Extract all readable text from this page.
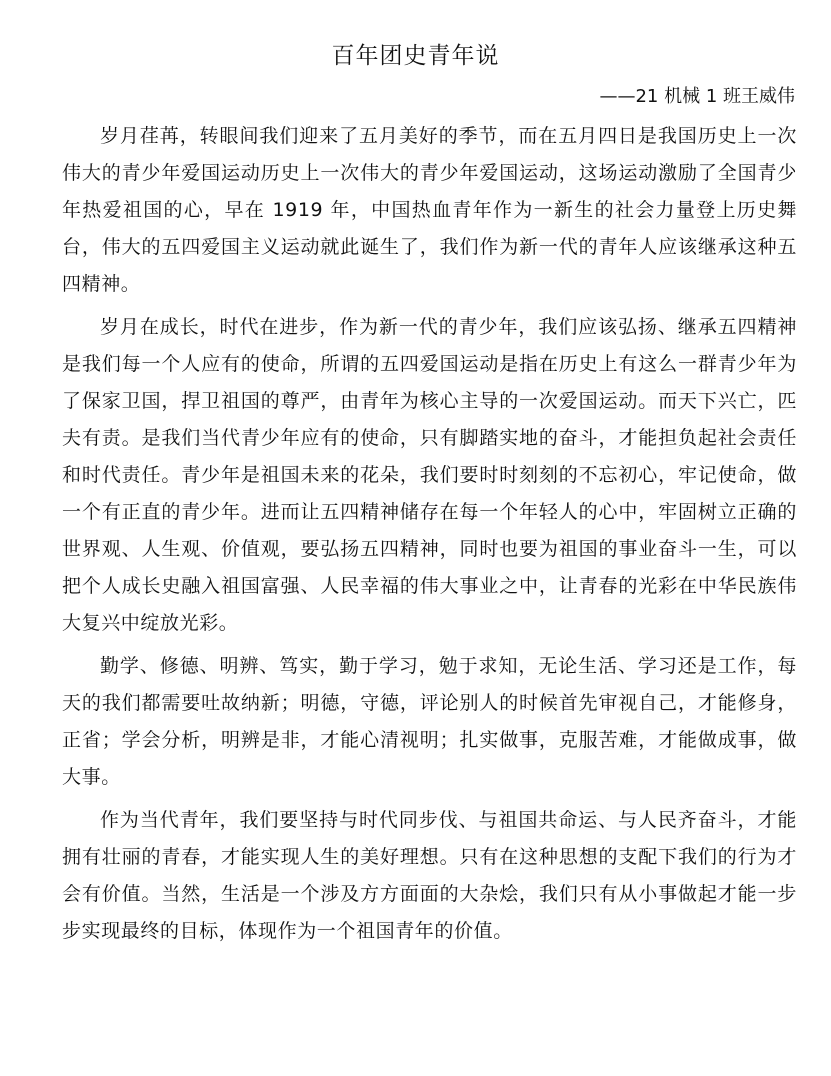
百年团史青年说
——21 机械 1 班王威伟

岁月荏苒，转眼间我们迎来了五月美好的季节，而在五月四日是我国历史上一次伟大的青少年爱国运动历史上一次伟大的青少年爱国运动，这场运动激励了全国青少年热爱祖国的心，早在 1919 年，中国热血青年作为一新生的社会力量登上历史舞台，伟大的五四爱国主义运动就此诞生了，我们作为新一代的青年人应该继承这种五四精神。

岁月在成长，时代在进步，作为新一代的青少年，我们应该弘扬、继承五四精神是我们每一个人应有的使命，所谓的五四爱国运动是指在历史上有这么一群青少年为了保家卫国，捍卫祖国的尊严，由青年为核心主导的一次爱国运动。而天下兴亡，匹夫有责。是我们当代青少年应有的使命，只有脚踏实地的奋斗，才能担负起社会责任和时代责任。青少年是祖国未来的花朵，我们要时时刻刻的不忘初心，牢记使命，做一个有正直的青少年。进而让五四精神储存在每一个年轻人的心中，牢固树立正确的世界观、人生观、价值观，要弘扬五四精神，同时也要为祖国的事业奋斗一生，可以把个人成长史融入祖国富强、人民幸福的伟大事业之中，让青春的光彩在中华民族伟大复兴中绽放光彩。

勤学、修德、明辨、笃实，勤于学习，勉于求知，无论生活、学习还是工作，每天的我们都需要吐故纳新；明德，守德，评论别人的时候首先审视自己，才能修身，正省；学会分析，明辨是非，才能心清视明；扎实做事，克服苦难，才能做成事，做大事。

作为当代青年，我们要坚持与时代同步伐、与祖国共命运、与人民齐奋斗，才能拥有壮丽的青春，才能实现人生的美好理想。只有在这种思想的支配下我们的行为才会有价值。当然，生活是一个涉及方方面面的大杂烩，我们只有从小事做起才能一步步实现最终的目标，体现作为一个祖国青年的价值。
